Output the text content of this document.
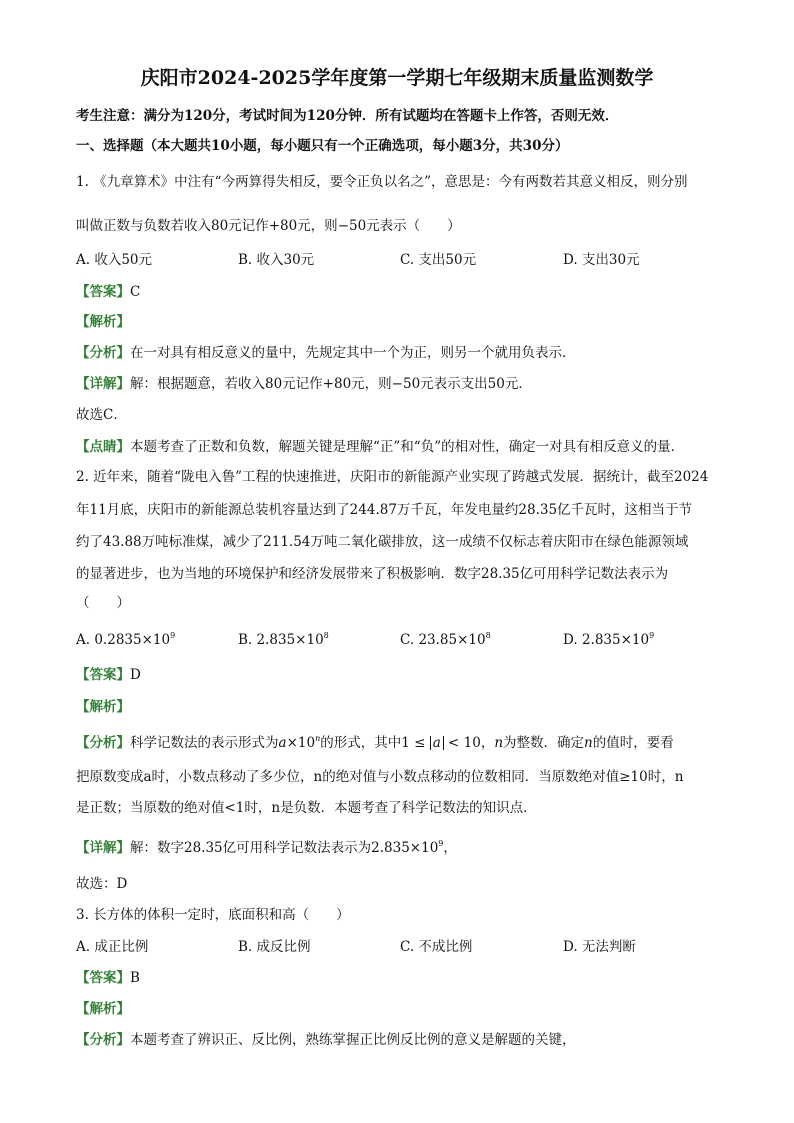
庆阳市2024-2025学年度第一学期七年级期末质量监测数学
考生注意：满分为120分，考试时间为120分钟．所有试题均在答题卡上作答，否则无效．
一、选择题（本大题共10小题，每小题只有一个正确选项，每小题3分，共30分）
1. 《九章算术》中注有“今两算得失相反，要令正负以名之”，意思是：今有两数若其意义相反，则分别
叫做正数与负数若收入80元记作+80元，则−50元表示（　　）
A. 收入50元	B. 收入30元	C. 支出50元	D. 支出30元
【答案】C
【解析】
【分析】在一对具有相反意义的量中，先规定其中一个为正，则另一个就用负表示．
【详解】解：根据题意，若收入80元记作+80元，则−50元表示支出50元．
故选C．
【点睛】本题考查了正数和负数，解题关键是理解“正”和“负”的相对性，确定一对具有相反意义的量．
2. 近年来，随着“陇电入鲁”工程的快速推进，庆阳市的新能源产业实现了跨越式发展．据统计，截至2024
年11月底，庆阳市的新能源总装机容量达到了244.87万千瓦，年发电量约28.35亿千瓦时，这相当于节
约了43.88万吨标准煤，减少了211.54万吨二氧化碳排放，这一成绩不仅标志着庆阳市在绿色能源领域
的显著进步，也为当地的环境保护和经济发展带来了积极影响．数字28.35亿可用科学记数法表示为
（　　）
A. $0.2835\times 10^9$	B. $2.835\times 10^8$	C. $23.85\times 10^8$	D. $2.835\times 10^9$
【答案】D
【解析】
【分析】科学记数法的表示形式为$a\times 10^n$的形式，其中1 ≤ a < 10，n为整数．确定n的值时，要看
把原数变成a时，小数点移动了多少位，n的绝对值与小数点移动的位数相同．当原数绝对值≥10时，n
是正数；当原数的绝对值<1时，n是负数．本题考查了科学记数法的知识点．
【详解】解：数字28.35亿可用科学记数法表示为$2.835\times 10^9$，
故选：D
3. 长方体的体积一定时，底面积和高（　　）
A. 成正比例	B. 成反比例	C. 不成比例	D. 无法判断
【答案】B
【解析】
【分析】本题考查了辨识正、反比例，熟练掌握正比例反比例的意义是解题的关键，
